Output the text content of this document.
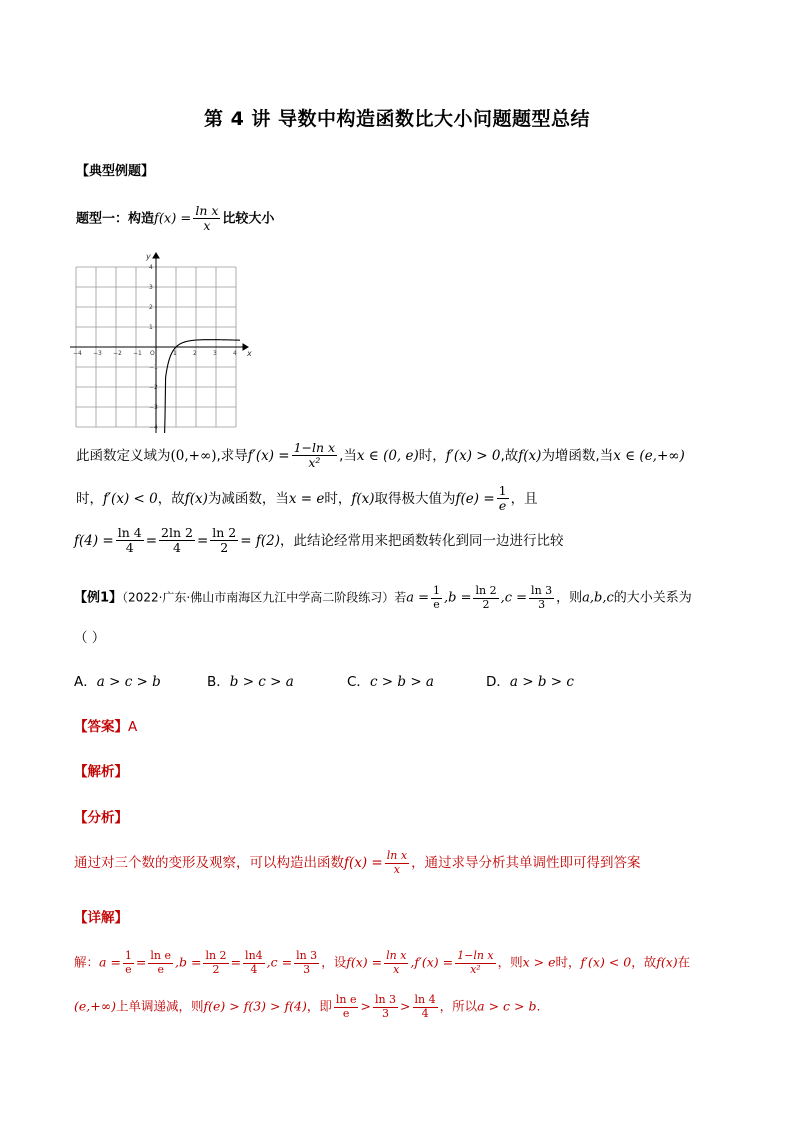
第 4 讲 导数中构造函数比大小问题题型总结
【典型例题】
题型一：构造$f(x) = \frac{\text{ln x}}{x}$ 比较大小
−4 −3 −2 −1 O	1	2	3	4
4
3
2
1
−1
−2
−3
−4
x
y
此函数定义域为(0,+∞),求导$f'(x) = \frac{\text{1−ln x}}{\text{x²}}$ ,当x ∈ (0, e)时，f′(x) > 0,故f(x)为增函数,当x ∈ (e,+∞)
时，f′(x) < 0，故f(x)为减函数，当x = e时，f(x)取得极大值为$f(e) = \frac{1}{e}$ ，且
$f(4) = \frac{\ln 4}{4} = \frac{2\ln 2}{4} = \frac{\ln 2}{2} = f(2)$，此结论经常用来把函数转化到同一边进行比较
【例1】（2022·广东·佛山市南海区九江中学高二阶段练习）若$a = \frac{1}{e} ,b = \frac{\ln 2}{2} ,c = \frac{\ln 3}{3}$ ，则a,b,c的大小关系为
（ ）
A．a > c > b	B．b > c > a	C．c > b > a	D．a > b > c
【答案】A
【解析】
【分析】
通过对三个数的变形及观察，可以构造出函数$f(x) = \frac{\text{ln x}}{x}$ ，通过求导分析其单调性即可得到答案
【详解】
解：$a = \frac{1}{e} = \frac{\text{ln e}}{e} ,b = \frac{\ln 2}{2} = \frac{\ln 4}{4} ,c = \frac{\ln 3}{3}$ ，设$f(x) = \frac{\text{ln x}}{x} ,f'(x) = \frac{\text{1−ln x}}{\text{x²}}$ ，则x > e时，f′(x) < 0，故f(x)在
(e,+∞)上单调递减，则f(e) > f(3) > f(4)，即 $\frac{\text{ln e}}{e} > \frac{\ln 3}{3} > \frac{\ln 4}{4}$ ，所以a > c > b.
